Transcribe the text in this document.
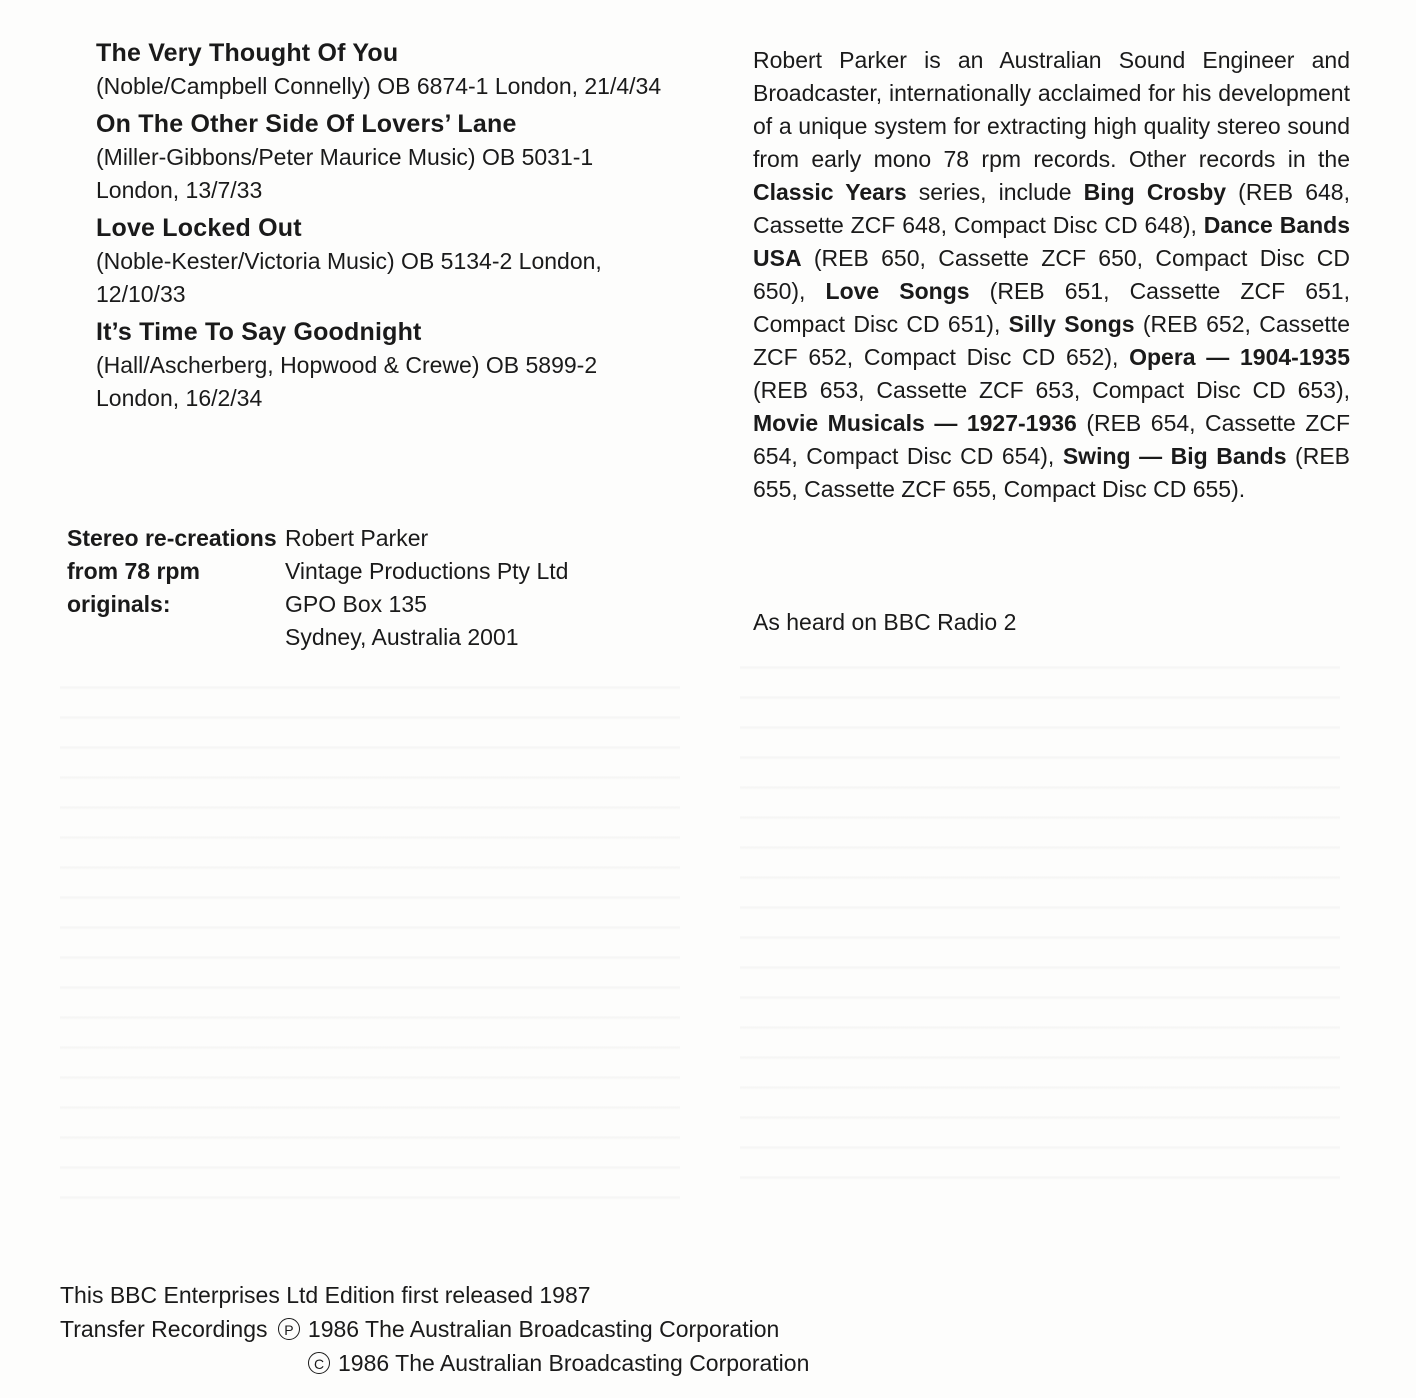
The Very Thought Of You
(Noble/Campbell Connelly) OB 6874-1 London, 21/4/34
On The Other Side Of Lovers’ Lane
(Miller-Gibbons/Peter Maurice Music) OB 5031-1 London, 13/7/33
Love Locked Out
(Noble-Kester/Victoria Music) OB 5134-2 London, 12/10/33
It’s Time To Say Goodnight
(Hall/Ascherberg, Hopwood & Crewe) OB 5899-2 London, 16/2/34
Stereo re-creations from 78 rpm originals:
Robert Parker
Vintage Productions Pty Ltd
GPO Box 135
Sydney, Australia 2001
Robert Parker is an Australian Sound Engineer and Broadcaster, internationally acclaimed for his development of a unique system for extracting high quality stereo sound from early mono 78 rpm records. Other records in the Classic Years series, include Bing Crosby (REB 648, Cassette ZCF 648, Compact Disc CD 648), Dance Bands USA (REB 650, Cassette ZCF 650, Compact Disc CD 650), Love Songs (REB 651, Cassette ZCF 651, Compact Disc CD 651), Silly Songs (REB 652, Cassette ZCF 652, Compact Disc CD 652), Opera — 1904-1935 (REB 653, Cassette ZCF 653, Compact Disc CD 653), Movie Musicals — 1927-1936 (REB 654, Cassette ZCF 654, Compact Disc CD 654), Swing — Big Bands (REB 655, Cassette ZCF 655, Compact Disc CD 655).
As heard on BBC Radio 2
This BBC Enterprises Ltd Edition first released 1987
Transfer Recordings P 1986 The Australian Broadcasting Corporation
C 1986 The Australian Broadcasting Corporation
